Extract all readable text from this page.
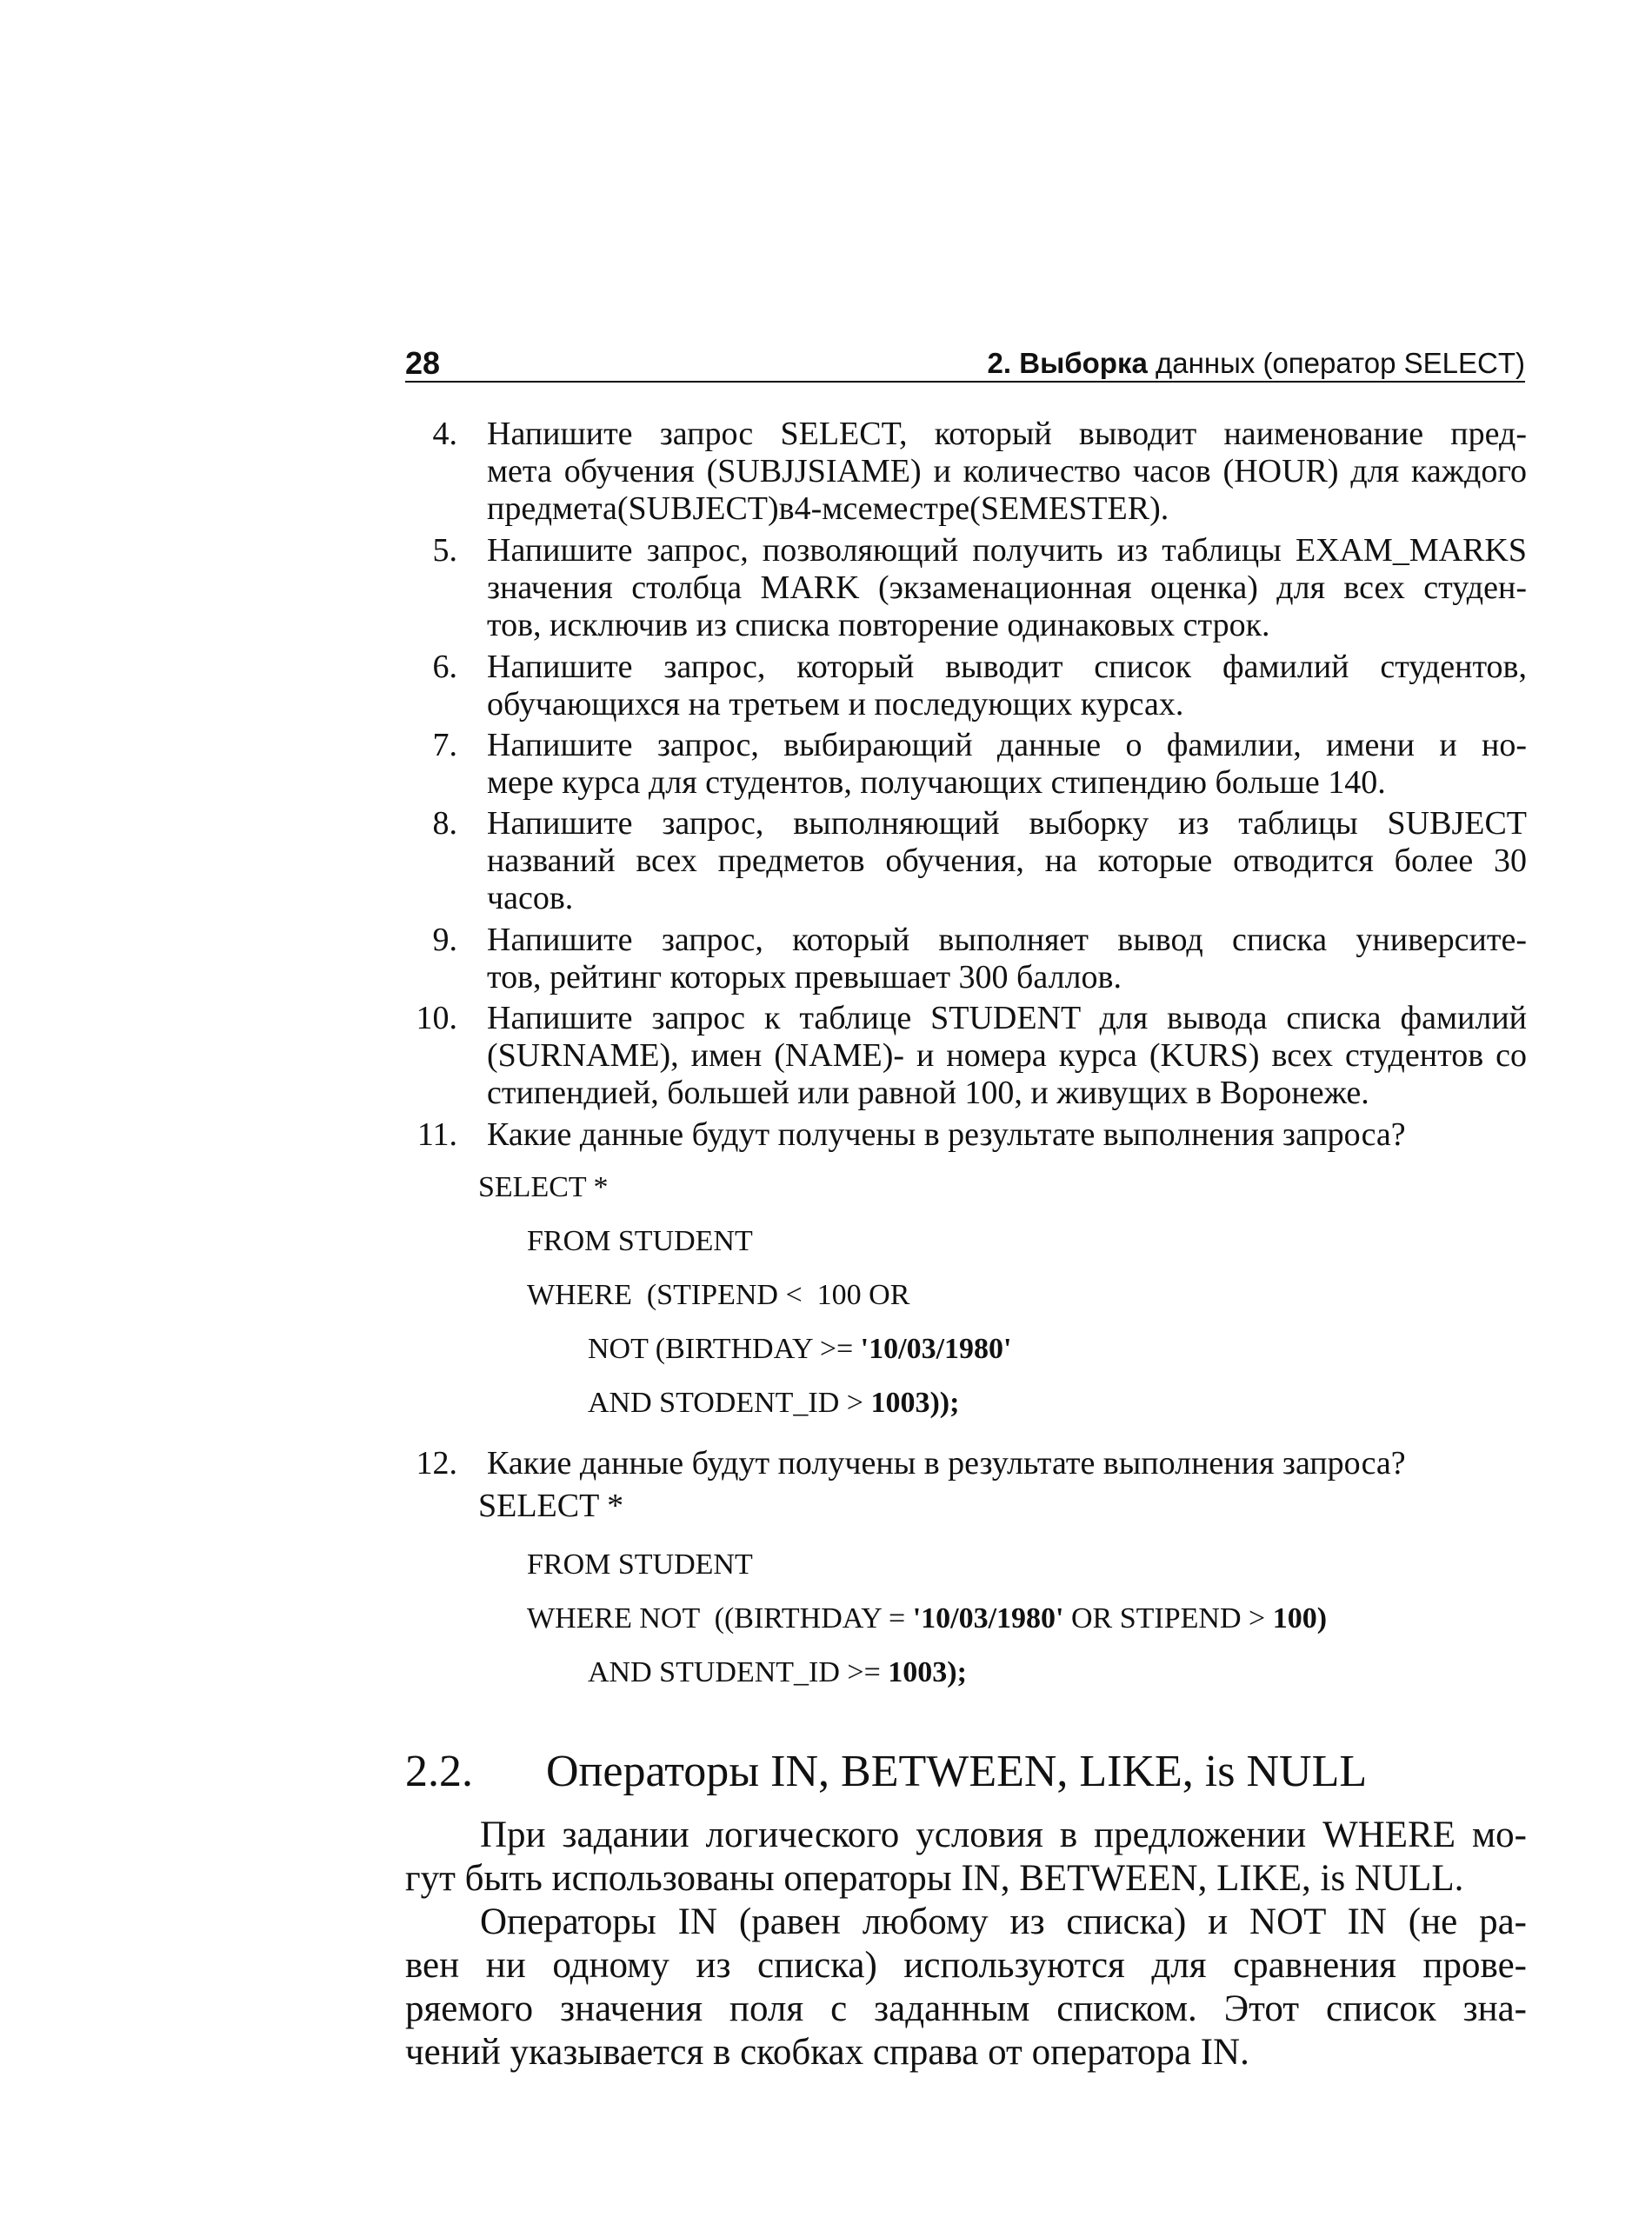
28	2. Выборка данных (оператор SELECT)
4. Напишите запрос SELECT, который выводит наименование пред-
мета обучения (SUBJJSIAME) и количество часов (HOUR) для каждого
предмета(SUBJECT)в4-мсеместре(SEMESTER).
5. Напишите запрос, позволяющий получить из таблицы EXAM_MARKS
значения столбца MARK (экзаменационная оценка) для всех студен-
тов, исключив из списка повторение одинаковых строк.
6. Напишите запрос, который выводит список фамилий студентов,
обучающихся на третьем и последующих курсах.
7. Напишите запрос, выбирающий данные о фамилии, имени и но-
мере курса для студентов, получающих стипендию больше 140.
8. Напишите запрос, выполняющий выборку из таблицы SUBJECT
названий всех предметов обучения, на которые отводится более 30
часов.
9. Напишите запрос, который выполняет вывод списка университе-
тов, рейтинг которых превышает 300 баллов.
10. Напишите запрос к таблице STUDENT для вывода списка фамилий
(SURNAME), имен (NAME)- и номера курса (KURS) всех студентов со
стипендией, большей или равной 100, и живущих в Воронеже.
11. Какие данные будут получены в результате выполнения запроса?
SELECT *
FROM STUDENT
WHERE  (STIPEND <  100 OR
NOT (BIRTHDAY >= '10/03/1980'
AND STODENT_ID > 1003));
12. Какие данные будут получены в результате выполнения запроса?
SELECT *
FROM STUDENT
WHERE NOT  ((BIRTHDAY = '10/03/1980' OR STIPEND > 100)
AND STUDENT_ID >= 1003);
2.2. Операторы IN, BETWEEN, LIKE, is NULL
При задании логического условия в предложении WHERE мо-
гут быть использованы операторы IN, BETWEEN, LIKE, is NULL.
Операторы IN (равен любому из списка) и NOT IN (не ра-
вен ни одному из списка) используются для сравнения прове-
ряемого значения поля с заданным списком. Этот список зна-
чений указывается в скобках справа от оператора IN.
